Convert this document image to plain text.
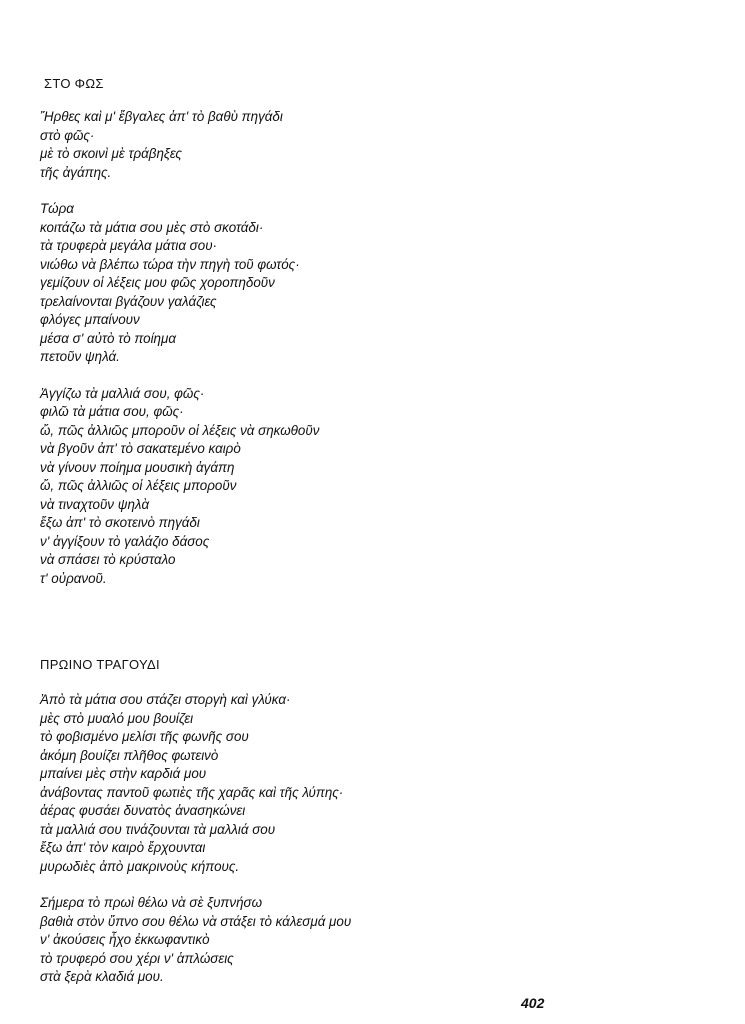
ΣΤΟ ΦΩΣ

Ἤρθες καὶ μ' ἔβγαλες ἀπ' τὸ βαθὺ πηγάδι
στὸ φῶς·
μὲ τὸ σκοινὶ μὲ τράβηξες
τῆς ἀγάπης.
Τώρα
κοιτάζω τὰ μάτια σου μὲς στὸ σκοτάδι·
τὰ τρυφερὰ μεγάλα μάτια σου·
νιώθω νὰ βλέπω τώρα τὴν πηγὴ τοῦ φωτός·
γεμίζουν οἱ λέξεις μου φῶς χοροπηδοῦν
τρελαίνονται βγάζουν γαλάζιες
φλόγες μπαίνουν
μέσα σ' αὐτὸ τὸ ποίημα
πετοῦν ψηλά.
Ἀγγίζω τὰ μαλλιά σου, φῶς·
φιλῶ τὰ μάτια σου, φῶς·
ὤ, πῶς ἀλλιῶς μποροῦν οἱ λέξεις νὰ σηκωθοῦν
νὰ βγοῦν ἀπ' τὸ σακατεμένο καιρὸ
νὰ γίνουν ποίημα μουσικὴ ἀγάπη
ὤ, πῶς ἀλλιῶς οἱ λέξεις μποροῦν
νὰ τιναχτοῦν ψηλὰ
ἔξω ἀπ' τὸ σκοτεινὸ πηγάδι
ν' ἀγγίξουν τὸ γαλάζιο δάσος
νὰ σπάσει τὸ κρύσταλο
τ' οὐρανοῦ.

ΠΡΩΙΝΟ ΤΡΑΓΟΥΔΙ

Ἀπὸ τὰ μάτια σου στάζει στοργὴ καὶ γλύκα·
μὲς στὸ μυαλό μου βουίζει
τὸ φοβισμένο μελίσι τῆς φωνῆς σου
ἀκόμη βουίζει πλῆθος φωτεινὸ
μπαίνει μὲς στὴν καρδιά μου
ἀνάβοντας παντοῦ φωτιὲς τῆς χαρᾶς καὶ τῆς λύπης·
ἀέρας φυσάει δυνατὸς ἀνασηκώνει
τὰ μαλλιά σου τινάζουνται τὰ μαλλιά σου
ἔξω ἀπ' τὸν καιρὸ ἔρχουνται
μυρωδιὲς ἀπὸ μακρινοὺς κήπους.
Σήμερα τὸ πρωὶ θέλω νὰ σὲ ξυπνήσω
βαθιὰ στὸν ὕπνο σου θέλω νὰ στάξει τὸ κάλεσμά μου
ν' ἀκούσεις ἦχο ἐκκωφαντικὸ
τὸ τρυφερό σου χέρι ν' ἁπλώσεις
στὰ ξερὰ κλαδιά μου.
402
